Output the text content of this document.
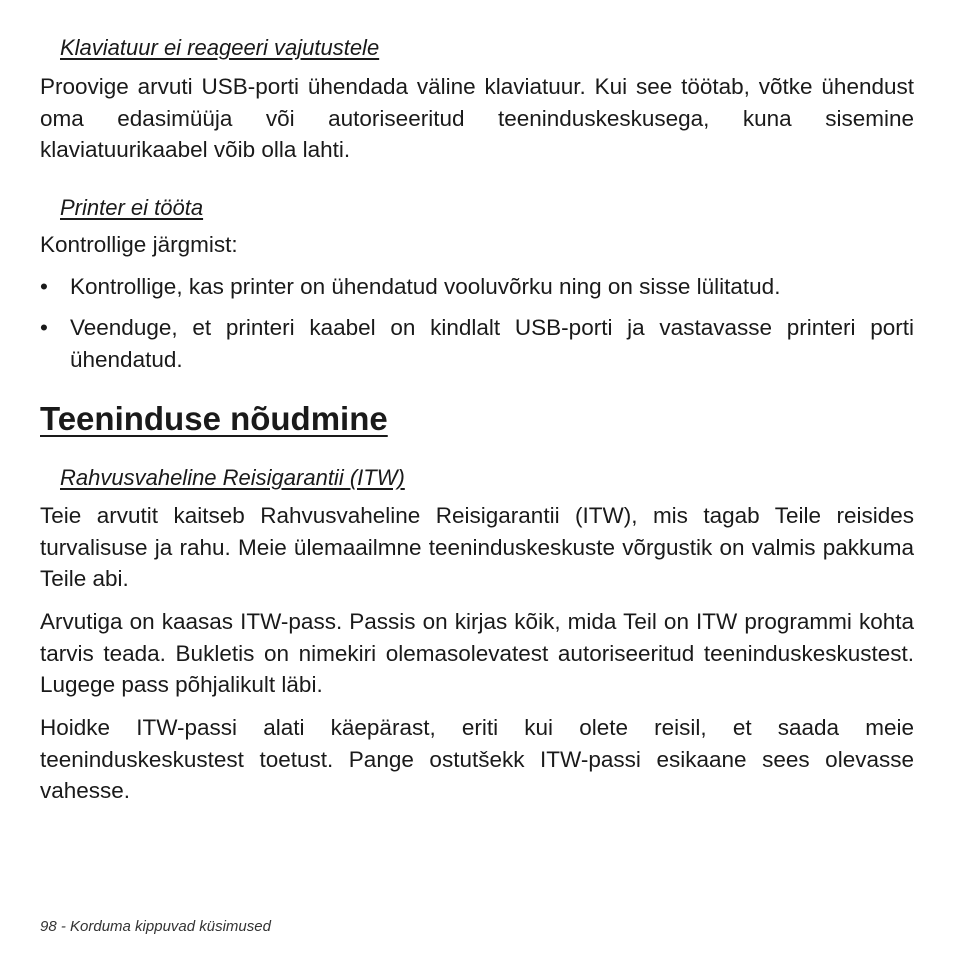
Klaviatuur ei reageeri vajutustele
Proovige arvuti USB-porti ühendada väline klaviatuur. Kui see töötab, võtke ühendust oma edasimüüja või autoriseeritud teeninduskeskusega, kuna sisemine klaviatuurikaabel võib olla lahti.
Printer ei tööta
Kontrollige järgmist:
• Kontrollige, kas printer on ühendatud vooluvõrku ning on sisse lülitatud.
• Veenduge, et printeri kaabel on kindlalt USB-porti ja vastavasse printeri porti ühendatud.
Teeninduse nõudmine
Rahvusvaheline Reisigarantii (ITW)
Teie arvutit kaitseb Rahvusvaheline Reisigarantii (ITW), mis tagab Teile reisides turvalisuse ja rahu. Meie ülemaailmne teeninduskeskuste võrgustik on valmis pakkuma Teile abi.
Arvutiga on kaasas ITW-pass. Passis on kirjas kõik, mida Teil on ITW programmi kohta tarvis teada. Bukletis on nimekiri olemasolevatest autoriseeritud teeninduskeskustest. Lugege pass põhjalikult läbi.
Hoidke ITW-passi alati käepärast, eriti kui olete reisil, et saada meie teeninduskeskustest toetust. Pange ostutšekk ITW-passi esikaane sees olevasse vahesse.
98 - Korduma kippuvad küsimused
